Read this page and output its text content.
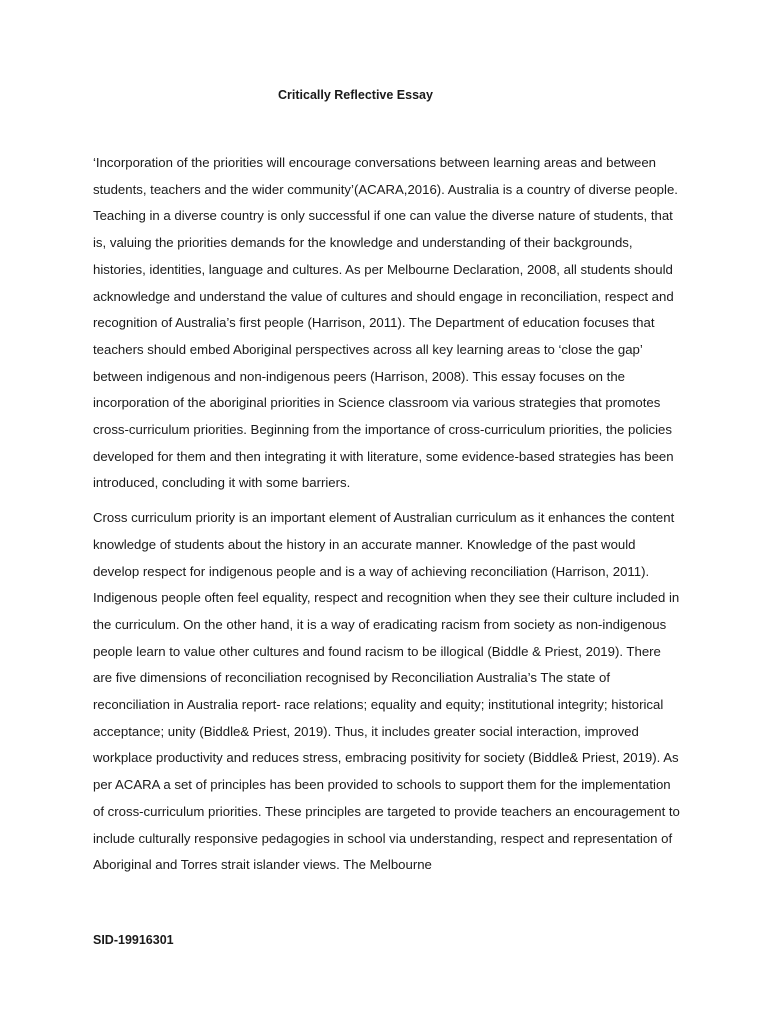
Critically Reflective Essay

‘Incorporation of the priorities will encourage conversations between learning areas and between students, teachers and the wider community’(ACARA,2016). Australia is a country of diverse people. Teaching in a diverse country is only successful if one can value the diverse nature of students, that is, valuing the priorities demands for the knowledge and understanding of their backgrounds, histories, identities, language and cultures. As per Melbourne Declaration, 2008, all students should acknowledge and understand the value of cultures and should engage in reconciliation, respect and recognition of Australia’s first people (Harrison, 2011). The Department of education focuses that teachers should embed Aboriginal perspectives across all key learning areas to ‘close the gap’ between indigenous and non-indigenous peers (Harrison, 2008). This essay focuses on the incorporation of the aboriginal priorities in Science classroom via various strategies that promotes cross-curriculum priorities. Beginning from the importance of cross-curriculum priorities, the policies developed for them and then integrating it with literature, some evidence-based strategies has been introduced, concluding it with some barriers.

Cross curriculum priority is an important element of Australian curriculum as it enhances the content knowledge of students about the history in an accurate manner. Knowledge of the past would develop respect for indigenous people and is a way of achieving reconciliation (Harrison, 2011). Indigenous people often feel equality, respect and recognition when they see their culture included in the curriculum. On the other hand, it is a way of eradicating racism from society as non-indigenous people learn to value other cultures and found racism to be illogical (Biddle & Priest, 2019). There are five dimensions of reconciliation recognised by Reconciliation Australia’s The state of reconciliation in Australia report- race relations; equality and equity; institutional integrity; historical acceptance; unity (Biddle& Priest, 2019). Thus, it includes greater social interaction, improved workplace productivity and reduces stress, embracing positivity for society (Biddle& Priest, 2019). As per ACARA a set of principles has been provided to schools to support them for the implementation of cross-curriculum priorities. These principles are targeted to provide teachers an encouragement to include culturally responsive pedagogies in school via understanding, respect and representation of Aboriginal and Torres strait islander views. The Melbourne

SID-19916301
